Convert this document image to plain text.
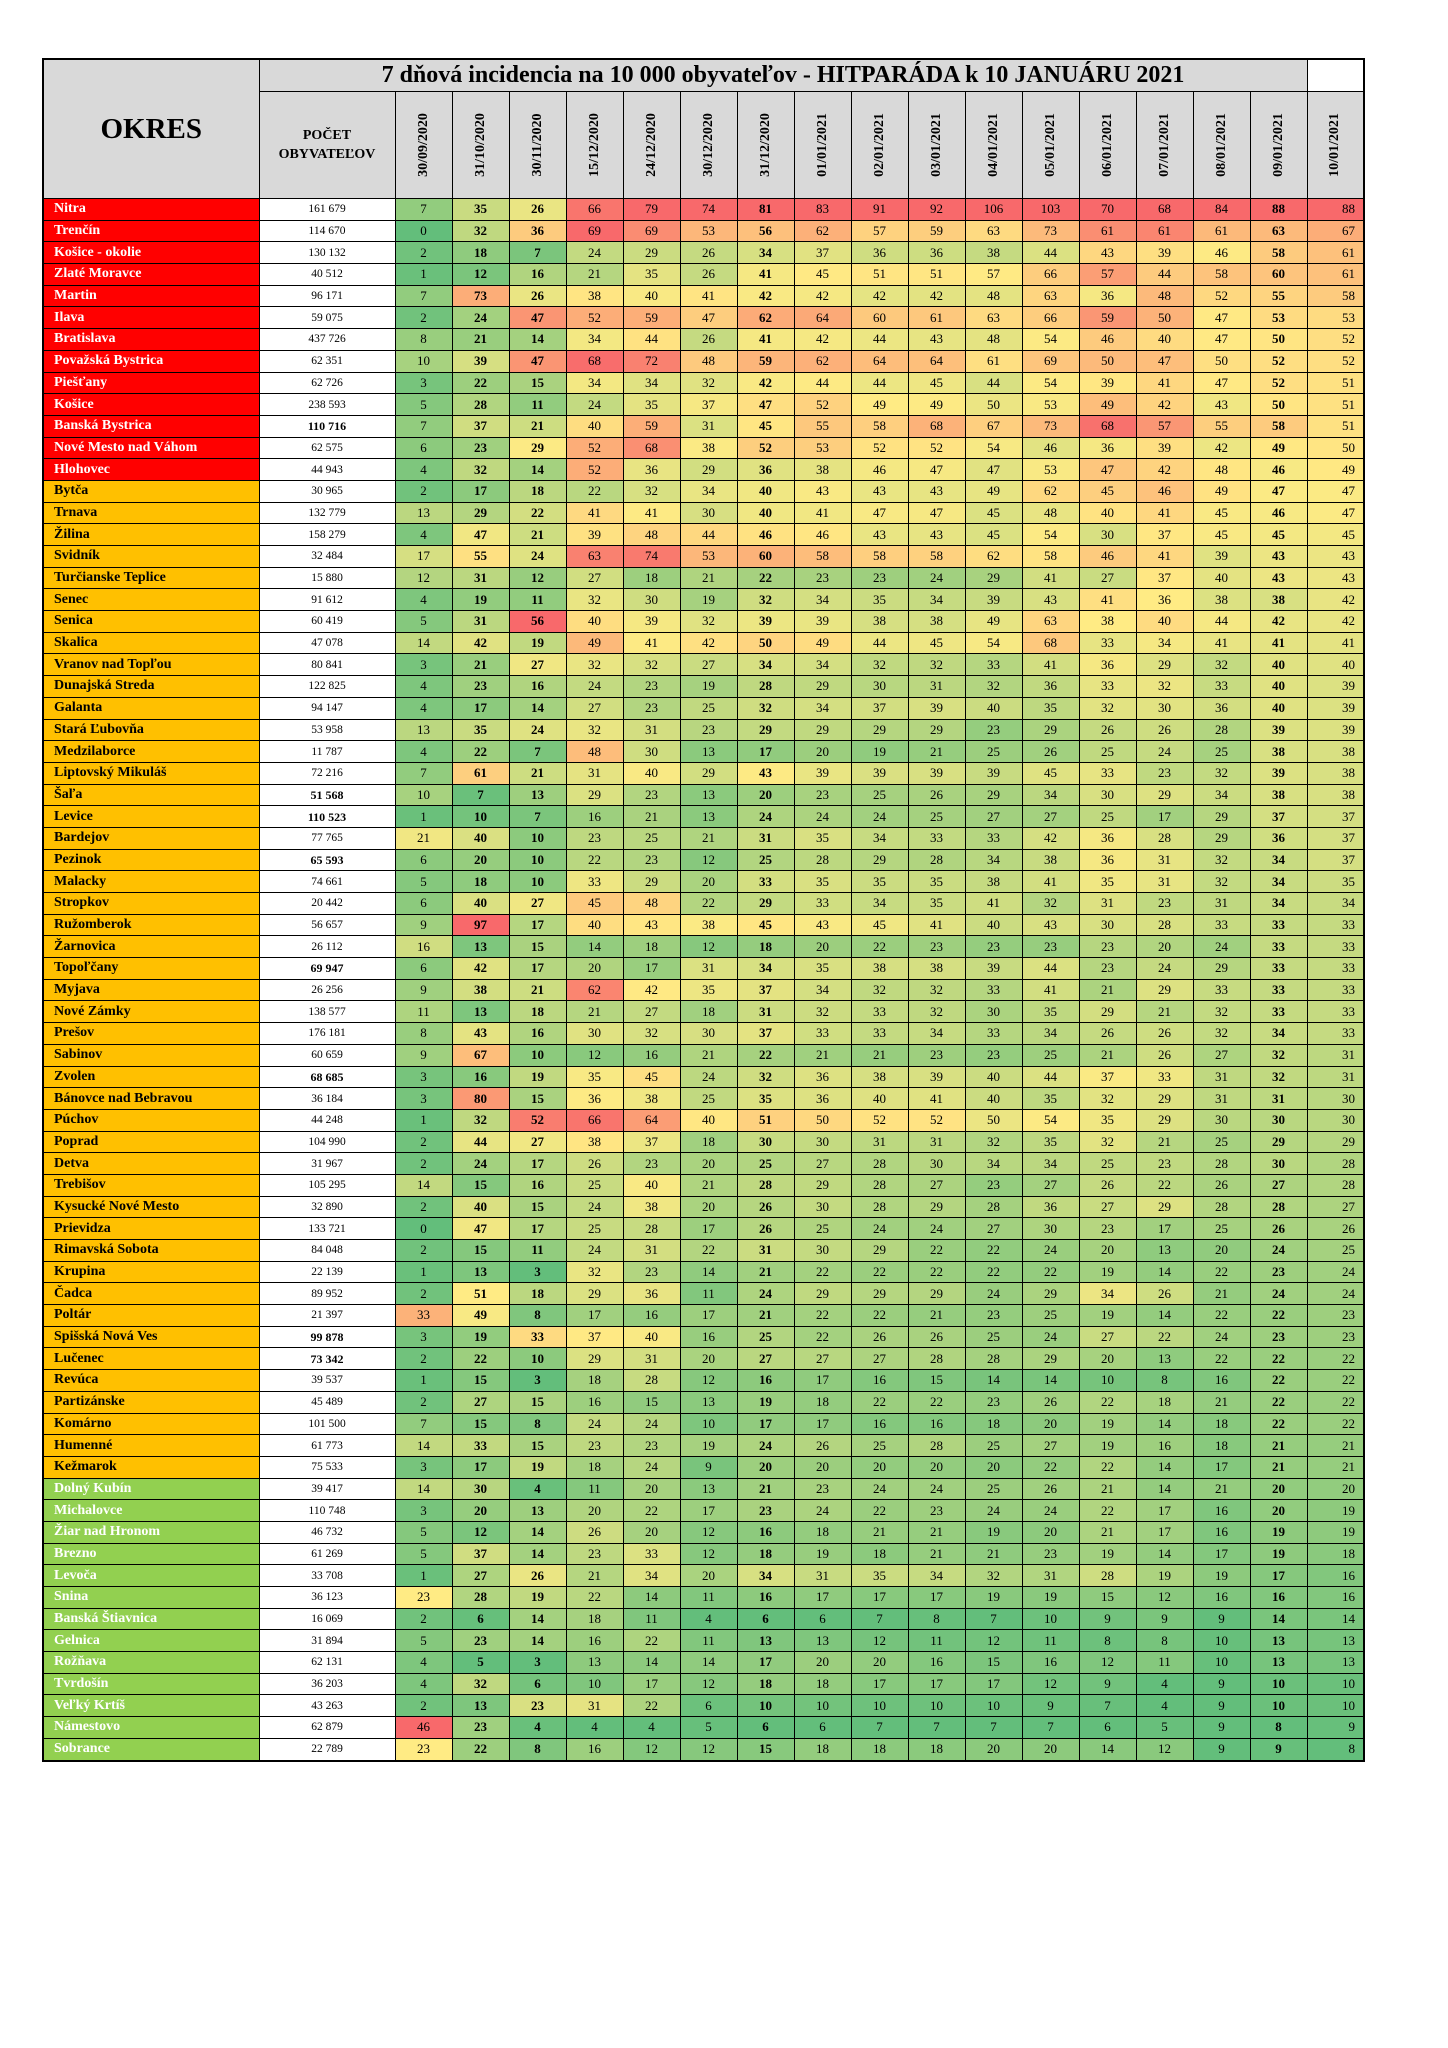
OKRES	7 dňová incidencia na 10 000 obyvateľov - HITPARÁDA k 10 JANUÁRU 2021																	
	POČET
OBYVATEĽOV	30/09/2020	31/10/2020	30/11/2020	15/12/2020	24/12/2020	30/12/2020	31/12/2020	01/01/2021	02/01/2021	03/01/2021	04/01/2021	05/01/2021	06/01/2021	07/01/2021	08/01/2021	09/01/2021	10/01/2021

Nitra	161 679	7	35	26	66	79	74	81	83	91	92	106	103	70	68	84	88	88
Trenčín	114 670	0	32	36	69	69	53	56	62	57	59	63	73	61	61	61	63	67
Košice - okolie	130 132	2	18	7	24	29	26	34	37	36	36	38	44	43	39	46	58	61
Zlaté Moravce	40 512	1	12	16	21	35	26	41	45	51	51	57	66	57	44	58	60	61
Martin	96 171	7	73	26	38	40	41	42	42	42	42	48	63	36	48	52	55	58
Ilava	59 075	2	24	47	52	59	47	62	64	60	61	63	66	59	50	47	53	53
Bratislava	437 726	8	21	14	34	44	26	41	42	44	43	48	54	46	40	47	50	52
Považská Bystrica	62 351	10	39	47	68	72	48	59	62	64	64	61	69	50	47	50	52	52
Piešťany	62 726	3	22	15	34	34	32	42	44	44	45	44	54	39	41	47	52	51
Košice	238 593	5	28	11	24	35	37	47	52	49	49	50	53	49	42	43	50	51
Banská Bystrica	110 716	7	37	21	40	59	31	45	55	58	68	67	73	68	57	55	58	51
Nové Mesto nad Váhom	62 575	6	23	29	52	68	38	52	53	52	52	54	46	36	39	42	49	50
Hlohovec	44 943	4	32	14	52	36	29	36	38	46	47	47	53	47	42	48	46	49
Bytča	30 965	2	17	18	22	32	34	40	43	43	43	49	62	45	46	49	47	47
Trnava	132 779	13	29	22	41	41	30	40	41	47	47	45	48	40	41	45	46	47
Žilina	158 279	4	47	21	39	48	44	46	46	43	43	45	54	30	37	45	45	45
Svidník	32 484	17	55	24	63	74	53	60	58	58	58	62	58	46	41	39	43	43
Turčianske Teplice	15 880	12	31	12	27	18	21	22	23	23	24	29	41	27	37	40	43	43
Senec	91 612	4	19	11	32	30	19	32	34	35	34	39	43	41	36	38	38	42
Senica	60 419	5	31	56	40	39	32	39	39	38	38	49	63	38	40	44	42	42
Skalica	47 078	14	42	19	49	41	42	50	49	44	45	54	68	33	34	41	41	41
Vranov nad Topľou	80 841	3	21	27	32	32	27	34	34	32	32	33	41	36	29	32	40	40
Dunajská Streda	122 825	4	23	16	24	23	19	28	29	30	31	32	36	33	32	33	40	39
Galanta	94 147	4	17	14	27	23	25	32	34	37	39	40	35	32	30	36	40	39
Stará Ľubovňa	53 958	13	35	24	32	31	23	29	29	29	29	23	29	26	26	28	39	39
Medzilaborce	11 787	4	22	7	48	30	13	17	20	19	21	25	26	25	24	25	38	38
Liptovský Mikuláš	72 216	7	61	21	31	40	29	43	39	39	39	39	45	33	23	32	39	38
Šaľa	51 568	10	7	13	29	23	13	20	23	25	26	29	34	30	29	34	38	38
Levice	110 523	1	10	7	16	21	13	24	24	24	25	27	27	25	17	29	37	37
Bardejov	77 765	21	40	10	23	25	21	31	35	34	33	33	42	36	28	29	36	37
Pezinok	65 593	6	20	10	22	23	12	25	28	29	28	34	38	36	31	32	34	37
Malacky	74 661	5	18	10	33	29	20	33	35	35	35	38	41	35	31	32	34	35
Stropkov	20 442	6	40	27	45	48	22	29	33	34	35	41	32	31	23	31	34	34
Ružomberok	56 657	9	97	17	40	43	38	45	43	45	41	40	43	30	28	33	33	33
Žarnovica	26 112	16	13	15	14	18	12	18	20	22	23	23	23	23	20	24	33	33
Topoľčany	69 947	6	42	17	20	17	31	34	35	38	38	39	44	23	24	29	33	33
Myjava	26 256	9	38	21	62	42	35	37	34	32	32	33	41	21	29	33	33	33
Nové Zámky	138 577	11	13	18	21	27	18	31	32	33	32	30	35	29	21	32	33	33
Prešov	176 181	8	43	16	30	32	30	37	33	33	34	33	34	26	26	32	34	33
Sabinov	60 659	9	67	10	12	16	21	22	21	21	23	23	25	21	26	27	32	31
Zvolen	68 685	3	16	19	35	45	24	32	36	38	39	40	44	37	33	31	32	31
Bánovce nad Bebravou	36 184	3	80	15	36	38	25	35	36	40	41	40	35	32	29	31	31	30
Púchov	44 248	1	32	52	66	64	40	51	50	52	52	50	54	35	29	30	30	30
Poprad	104 990	2	44	27	38	37	18	30	30	31	31	32	35	32	21	25	29	29
Detva	31 967	2	24	17	26	23	20	25	27	28	30	34	34	25	23	28	30	28
Trebišov	105 295	14	15	16	25	40	21	28	29	28	27	23	27	26	22	26	27	28
Kysucké Nové Mesto	32 890	2	40	15	24	38	20	26	30	28	29	28	36	27	29	28	28	27
Prievidza	133 721	0	47	17	25	28	17	26	25	24	24	27	30	23	17	25	26	26
Rimavská Sobota	84 048	2	15	11	24	31	22	31	30	29	22	22	24	20	13	20	24	25
Krupina	22 139	1	13	3	32	23	14	21	22	22	22	22	22	19	14	22	23	24
Čadca	89 952	2	51	18	29	36	11	24	29	29	29	24	29	34	26	21	24	24
Poltár	21 397	33	49	8	17	16	17	21	22	22	21	23	25	19	14	22	22	23
Spišská Nová Ves	99 878	3	19	33	37	40	16	25	22	26	26	25	24	27	22	24	23	23
Lučenec	73 342	2	22	10	29	31	20	27	27	27	28	28	29	20	13	22	22	22
Revúca	39 537	1	15	3	18	28	12	16	17	16	15	14	14	10	8	16	22	22
Partizánske	45 489	2	27	15	16	15	13	19	18	22	22	23	26	22	18	21	22	22
Komárno	101 500	7	15	8	24	24	10	17	17	16	16	18	20	19	14	18	22	22
Humenné	61 773	14	33	15	23	23	19	24	26	25	28	25	27	19	16	18	21	21
Kežmarok	75 533	3	17	19	18	24	9	20	20	20	20	20	22	22	14	17	21	21
Dolný Kubín	39 417	14	30	4	11	20	13	21	23	24	24	25	26	21	14	21	20	20
Michalovce	110 748	3	20	13	20	22	17	23	24	22	23	24	24	22	17	16	20	19
Žiar nad Hronom	46 732	5	12	14	26	20	12	16	18	21	21	19	20	21	17	16	19	19
Brezno	61 269	5	37	14	23	33	12	18	19	18	21	21	23	19	14	17	19	18
Levoča	33 708	1	27	26	21	34	20	34	31	35	34	32	31	28	19	19	17	16
Snina	36 123	23	28	19	22	14	11	16	17	17	17	19	19	15	12	16	16	16
Banská Štiavnica	16 069	2	6	14	18	11	4	6	6	7	8	7	10	9	9	9	14	14
Gelnica	31 894	5	23	14	16	22	11	13	13	12	11	12	11	8	8	10	13	13
Rožňava	62 131	4	5	3	13	14	14	17	20	20	16	15	16	12	11	10	13	13
Tvrdošín	36 203	4	32	6	10	17	12	18	18	17	17	17	12	9	4	9	10	10
Veľký Krtíš	43 263	2	13	23	31	22	6	10	10	10	10	10	9	7	4	9	10	10
Námestovo	62 879	46	23	4	4	4	5	6	6	7	7	7	7	6	5	9	8	9
Sobrance	22 789	23	22	8	16	12	12	15	18	18	18	20	20	14	12	9	9	8
